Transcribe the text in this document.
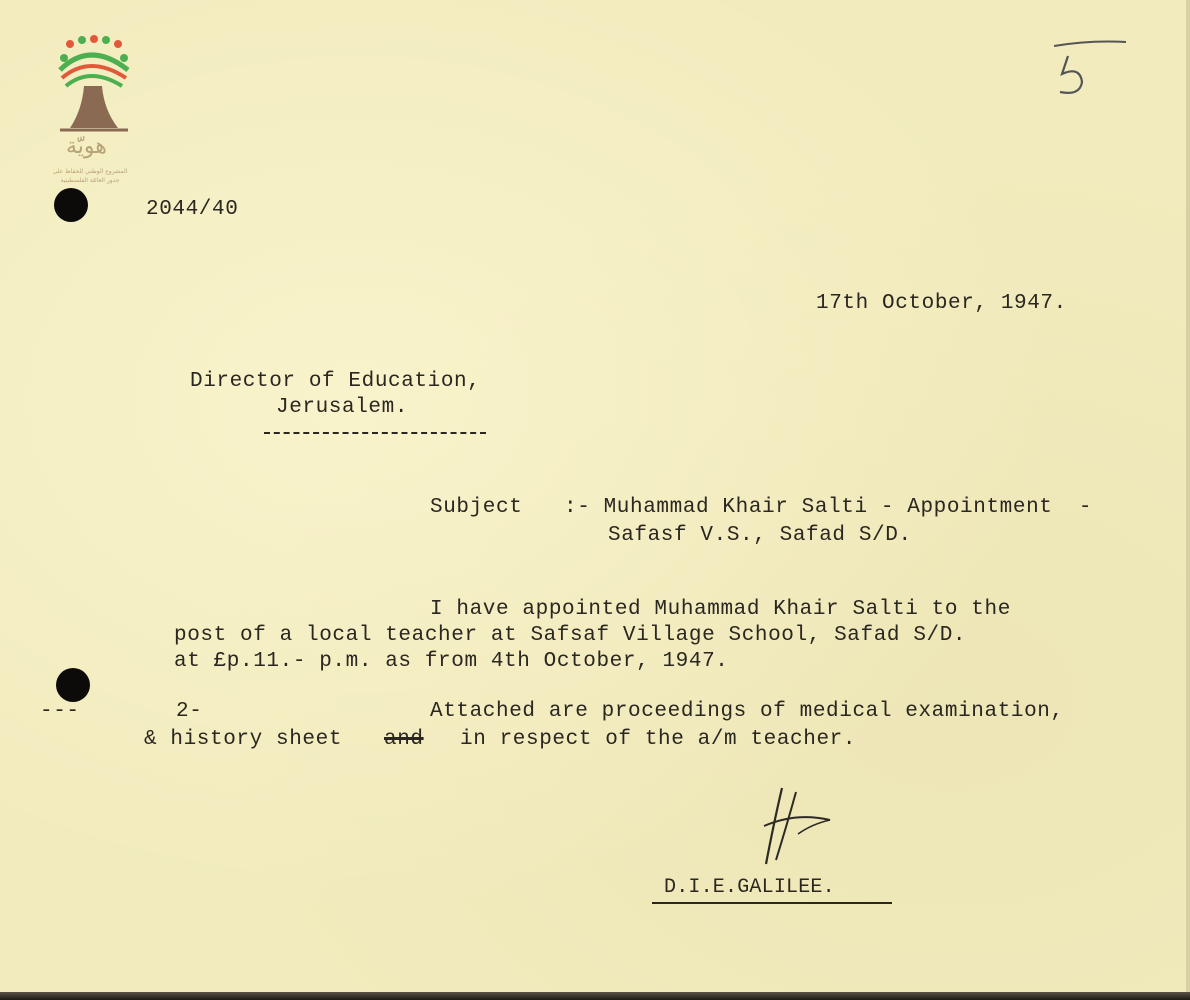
هويّة
المشروع الوطني للحفاظ على
جذور العائلة الفلسطينية
2044/40
17th October, 1947.
Director of Education,
Jerusalem.
Subject :- Muhammad Khair Salti - Appointment  -
Safasf V.S., Safad S/D.
I have appointed Muhammad Khair Salti to the
post of a local teacher at Safsaf Village School, Safad S/D.
at £p.11.- p.m. as from 4th October, 1947.
---	2-	Attached are proceedings of medical examination,
& history sheet and in respect of the a/m teacher.
D.I.E.GALILEE.
